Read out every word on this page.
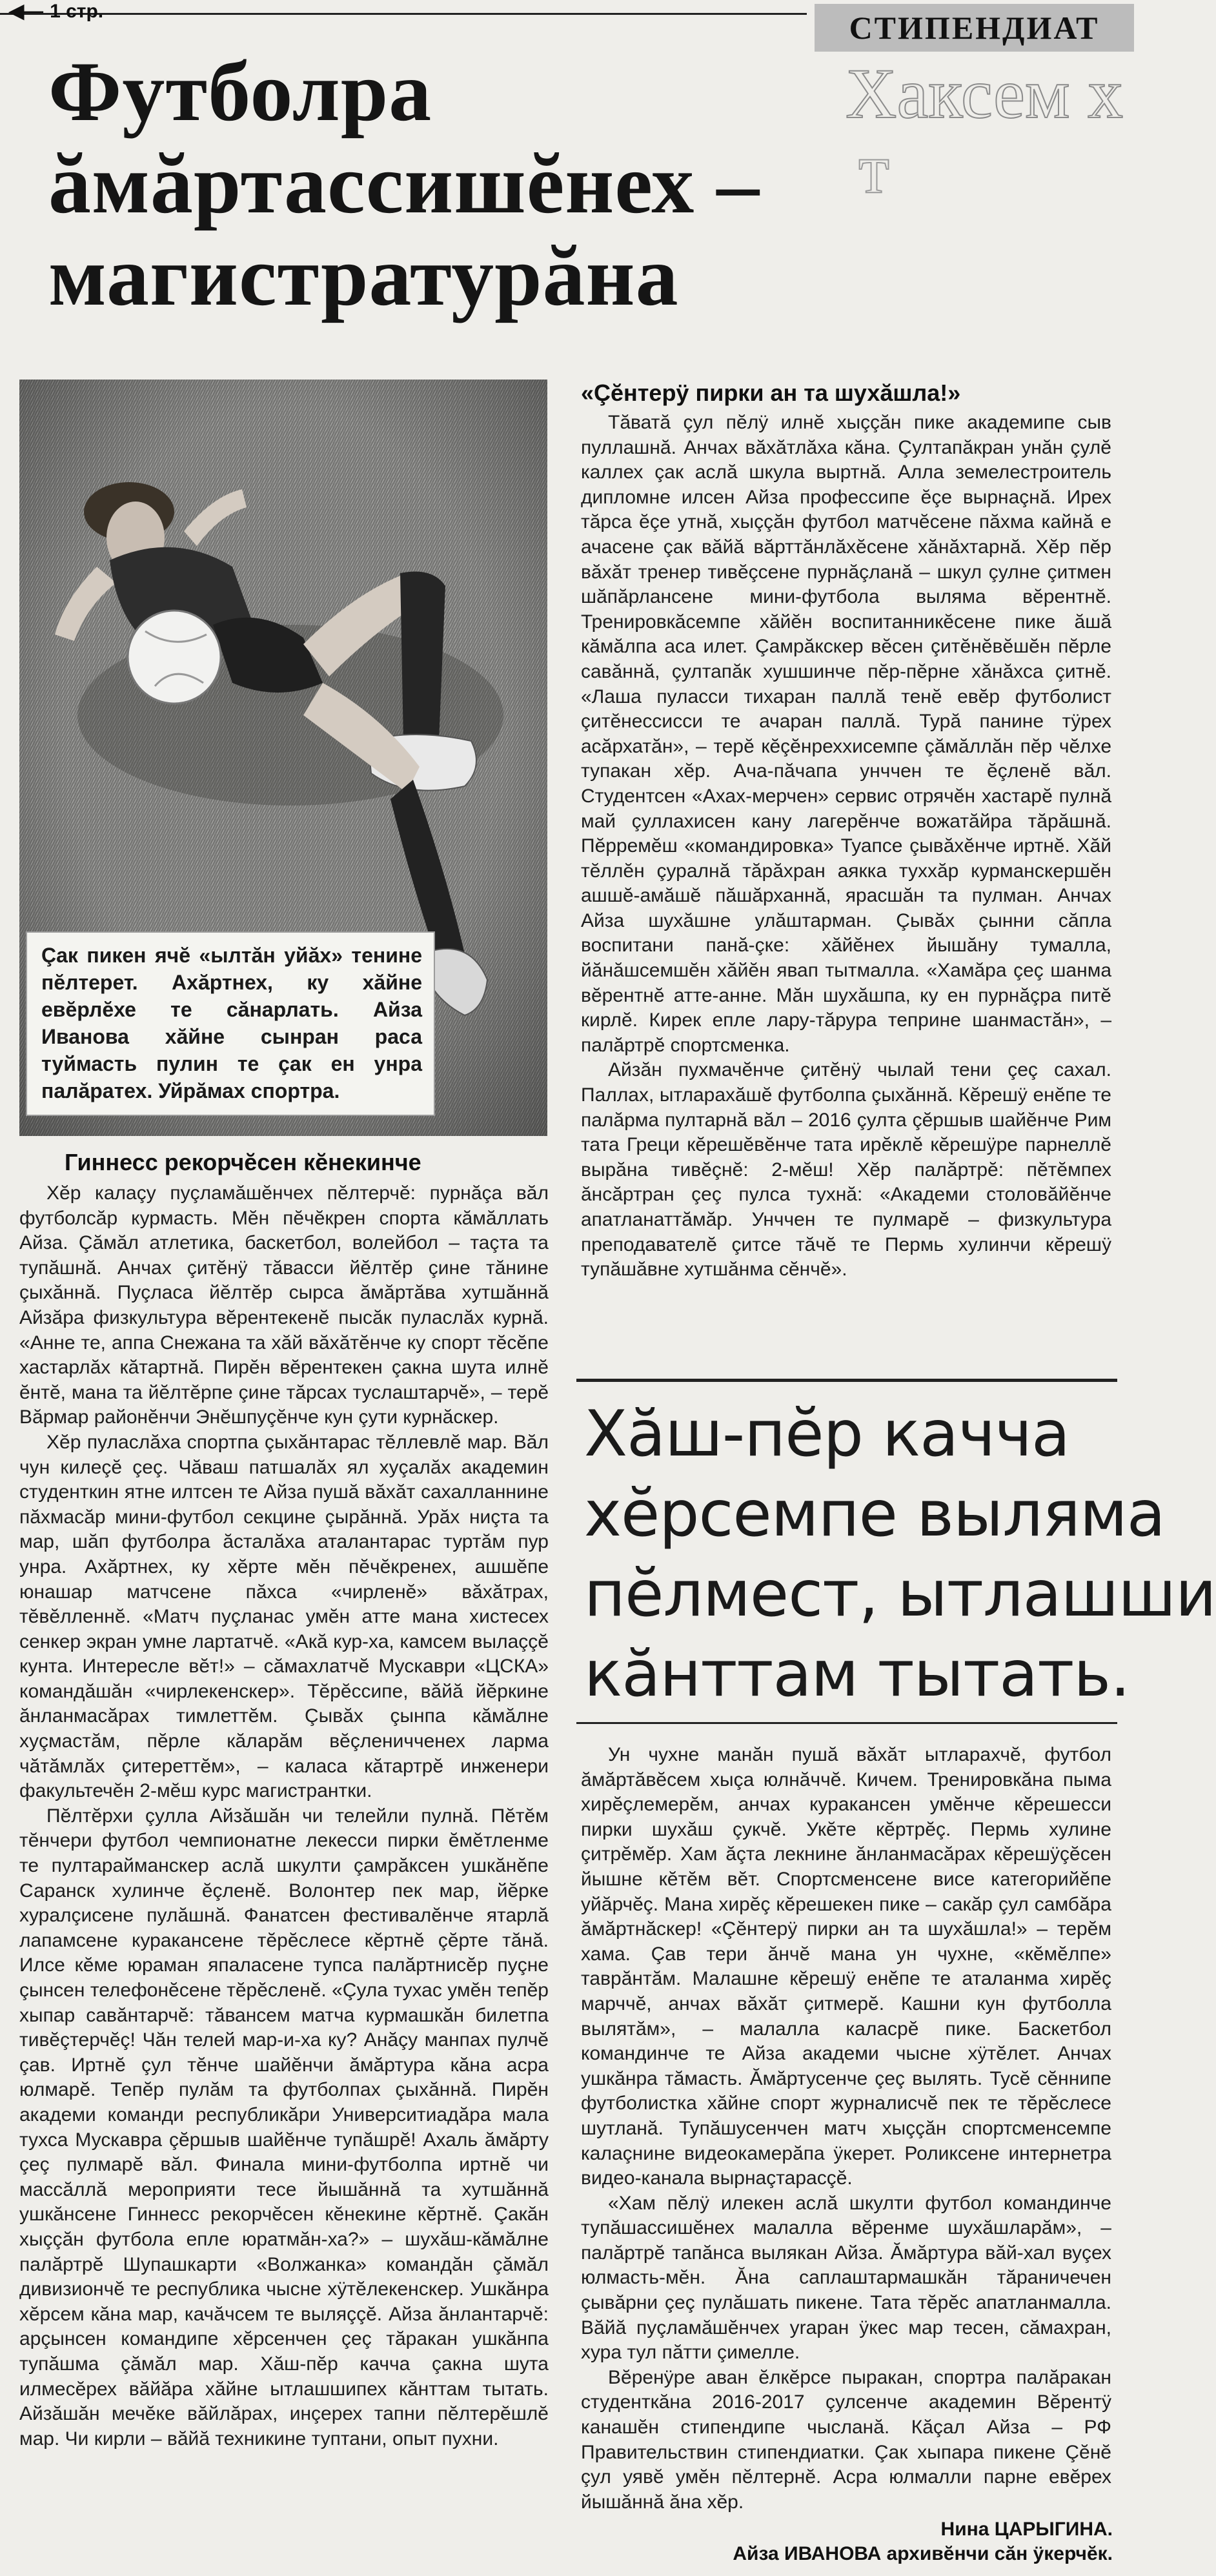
◀— 1 стр.	СТИПЕНДИАТ
Хаксем х
т
Футболра
ăмăртассишĕнех –
магистратурăна
Çак пикен ячĕ «ылтăн уйăх» тенине пĕлтерет. Ахăртнех, ку хăйне евĕрлĕхе те сăнарлать. Айза Иванова хăйне сынран раса туймасть пулин те çак ен унра палăратех. Уйрăмах спортра.
Гиннесс рекорчĕсен кĕнекинче

Хĕр калаçу пуçламăшĕнчех пĕлтерчĕ: пурнăçа вăл футболсăр курмасть. Мĕн пĕчĕкрен спорта кăмăллать Айза. Çăмăл атлетика, баскетбол, волейбол – таçта та тупăшнă. Анчах çитĕнÿ тăвасси йĕлтĕр çине тăнине çыхăннă. Пуçласа йĕлтĕр сырса ăмăртăва хутшăннă Айзăра физкультура вĕрентекенĕ пысăк пуласлăх курнă. «Анне те, аппа Снежана та хăй вăхăтĕнче ку спорт тĕсĕпе хастарлăх кăтартнă. Пирĕн вĕрентекен çакна шута илнĕ ĕнтĕ, мана та йĕлтĕрпе çине тăрсах туслаштарчĕ», – терĕ Вăрмар районĕнчи Энĕшпуçĕнче кун çути курнăскер.

Хĕр пуласлăха спортпа çыхăнтарас тĕллевлĕ мар. Вăл чун килеçĕ çеç. Чăваш патшалăх ял хуçалăх академин студенткин ятне илтсен те Айза пушă вăхăт сахалланнине пăхмасăр мини-футбол секцине çырăннă. Урăх ниçта та мар, шăп футболра ăсталăха аталантарас туртăм пур унра. Ахăртнех, ку хĕрте мĕн пĕчĕкренех, ашшĕпе юнашар матчсене пăхса «чирленĕ» вăхăтрах, тĕвĕлленнĕ. «Матч пуçланас умĕн атте мана хистесех сенкер экран умне лартатчĕ. «Акă кур-ха, камсем вылаççĕ кунта. Интересле вĕт!» – сăмахлатчĕ Мускаври «ЦСКА» командăшăн «чирлекенскер». Тĕрĕссипе, вăйă йĕркине ăнланмасăрах тимлеттĕм. Çывăх çынпа кăмăлне хуçмастăм, пĕрле кăларăм вĕçленичченех ларма чăтăмлăх çитереттĕм», – каласа кăтартрĕ инженери факультечĕн 2-мĕш курс магистрантки.

Пĕлтĕрхи çулла Айзăшăн чи телейли пулнă. Пĕтĕм тĕнчери футбол чемпионатне лекесси пирки ĕмĕтленме те пултарайманскер аслă шкулти çамрăксен ушкăнĕпе Саранск хулинче ĕçленĕ. Волонтер пек мар, йĕрке хуралçисене пулăшнă. Фанатсен фестивалĕнче ятарлă лапамсене куракансене тĕрĕслесе кĕртнĕ çĕрте тăнă. Илсе кĕме юраман япаласене тупса палăртнисĕр пуçне çынсен телефонĕсене тĕрĕсленĕ. «Çула тухас умĕн тепĕр хыпар савăнтарчĕ: тăвансем матча курмашкăн билетпа тивĕçтерчĕç! Чăн телей мар-и-ха ку? Анăçу манпах пулчĕ çав. Иртнĕ çул тĕнче шайĕнчи ăмăртура кăна асра юлмарĕ. Тепĕр пулăм та футболпах çыхăннă. Пирĕн академи команди республикăри Университиадăра мала тухса Мускавра çĕршыв шайĕнче тупăшрĕ! Ахаль ăмăрту çеç пулмарĕ вăл. Финала мини-футболпа иртнĕ чи массăллă мероприяти тесе йышăннă та хутшăннă ушкăнсене Гиннесс рекорчĕсен кĕнекине кĕртнĕ. Çакăн хыççăн футбола епле юратмăн-ха?» – шухăш-кăмăлне палăртрĕ Шупашкарти «Волжанка» командăн çăмăл дивизиончĕ те республика чысне хÿтĕлекенскер. Ушкăнра хĕрсем кăна мар, качăчсем те выляççĕ. Айза ăнлантарчĕ: арçынсен командипе хĕрсенчен çеç тăракан ушкăнпа тупăшма çăмăл мар. Хăш-пĕр качча çакна шута илмесĕрех вăйăра хăйне ытлашшипех кăнттам тытать. Айзăшăн мечĕке вăйлăрах, инçерех тапни пĕлтерĕшлĕ мар. Чи кирли – вăйă техникине туптани, опыт пухни.

«Çĕнтерÿ пирки ан та шухăшла!»

Тăватă çул пĕлÿ илнĕ хыççăн пике академипе сыв пуллашнă. Анчах вăхăтлăха кăна. Çултапăкран унăн çулĕ каллех çак аслă шкула выртнă. Алла земелестроитель дипломне илсен Айза профессипе ĕçе вырнаçнă. Ирех тăрса ĕçе утнă, хыççăн футбол матчĕсене пăхма кайнă е ачасене çак вăйă вăрттăнлăхĕсене хăнăхтарнă. Хĕр пĕр вăхăт тренер тивĕçсене пурнăçланă – шкул çулне çитмен шăпăрлансене мини-футбола выляма вĕрентнĕ. Тренировкăсемпе хăйĕн воспитанникĕсене пике ăшă кăмăлпа аса илет. Çамрăкскер вĕсен çитĕнĕвĕшĕн пĕрле савăннă, çултапăк хушшинче пĕр-пĕрне хăнăхса çитнĕ. «Лаша пуласси тихаран паллă тенĕ евĕр футболист çитĕнессисси те ачаран паллă. Турă панине тÿрех асăрхатăн», – терĕ кĕçĕнреххисемпе çăмăллăн пĕр чĕлхе тупакан хĕр. Ача-пăчапа унччен те ĕçленĕ вăл. Студентсен «Ахах-мерчен» сервис отрячĕн хастарĕ пулнă май çуллахисен кану лагерĕнче вожатăйра тăрăшнă. Пĕрремĕш «командировка» Туапсе çывăхĕнче иртнĕ. Хăй тĕллĕн çуралнă тăрăхран аякка туххăр курманскершĕн ашшĕ-амăшĕ пăшăрханнă, ярасшăн та пулман. Анчах Айза шухăшне улăштарман. Çывăх çынни сăпла воспитани панă-çке: хăйĕнех йышăну тумалла, йăнăшсемшĕн хăйĕн явап тытмалла. «Хамăра çеç шанма вĕрентнĕ атте-анне. Мăн шухăшпа, ку ен пурнăçра питĕ кирлĕ. Кирек епле лару-тăрура тепринe шанмастăн», – палăртрĕ спортсменка.

Айзăн пухмачĕнче çитĕнÿ чылай тени çеç сахал. Паллах, ытларахăшĕ футболпа çыхăннă. Кĕрешÿ енĕпе те палăрма пултарнă вăл – 2016 çулта çĕршыв шайĕнче Рим тата Греци кĕрешĕвĕнче тата ирĕклĕ кĕрешÿре парнеллĕ вырăна тивĕçнĕ: 2-мĕш! Хĕр палăртрĕ: пĕтĕмпех ăнсăртран çеç пулса тухнă: «Академи столовăйĕнче апатланаттăмăр. Унччен те пулмарĕ – физкультура преподавателĕ çитсе тăчĕ те Пермь хулинчи кĕрешÿ тупăшăвне хутшăнма сĕнчĕ».

Хăш-пĕр качча
хĕрсемпе выляма
пĕлмест, ытлашши
кăнттам тытать.

Ун чухне манăн пушă вăхăт ытларахчĕ, футбол ăмăртăвĕсем хыçа юлнăччĕ. Кичем. Тренировкăна пыма хирĕçлемерĕм, анчах куракансен умĕнче кĕрешесси пирки шухăш çукчĕ. Укĕте кĕртрĕç. Пермь хулине çитрĕмĕр. Хам ăçта лекнине ăнланмасăрах кĕрешÿçĕсен йышне кĕтĕм вĕт. Спортсменсене висе категорийĕпе уйăрчĕç. Мана хирĕç кĕрешекен пике – сакăр çул самбăра ăмăртнăскер! «Çĕнтерÿ пирки ан та шухăшла!» – терĕм хама. Çав тери ăнчĕ мана ун чухне, «кĕмĕлпе» таврăнтăм. Малашне кĕрешÿ енĕпе те аталанма хирĕç марччĕ, анчах вăхăт çитмерĕ. Кашни кун футболла вылятăм», – малалла каласрĕ пике. Баскетбол командинче те Айза академи чысне хÿтĕлет. Анчах ушкăнра тăмасть. Ăмăртусенче çеç вылять. Тусĕ сĕннипе футболистка хăйне спорт журналисчĕ пек те тĕрĕслесе шутланă. Тупăшусенчен матч хыççăн спортсменсемпе калаçнине видеокамерăпа ÿкерет. Роликсене интернетра видео-канала вырнаçтарасçĕ.

«Хам пĕлÿ илекен аслă шкулти футбол командинче тупăшассишĕнех малалла вĕренме шухăшларăм», – палăртрĕ тапăнса вылякан Айза. Ăмăртура вăй-хал вуçех юлмасть-мĕн. Ăна саплаштармашкăн тăраничечен çывăрни çеç пулăшать пикене. Тата тĕрĕс апатланмалла. Вăйă пуçламăшĕнчех уraран ÿкес мар тесен, сăмахран, хура тул пăтти çимелле.

Вĕренÿре аван ĕлкĕрсе пыракан, спортра палăракан студенткăна 2016-2017 çулсенче академин Вĕрентÿ канашĕн стипендипе чысланă. Кăçал Айза – РФ Правительствин стипендиатки. Çак хыпара пикене Çĕнĕ çул уявĕ умĕн пĕлтернĕ. Асра юлмалли парне евĕрех йышăннă ăна хĕр.

Нина ЦАРЫГИНА.
Айза ИВАНОВА архивĕнчи сăн ÿкерчĕк.
